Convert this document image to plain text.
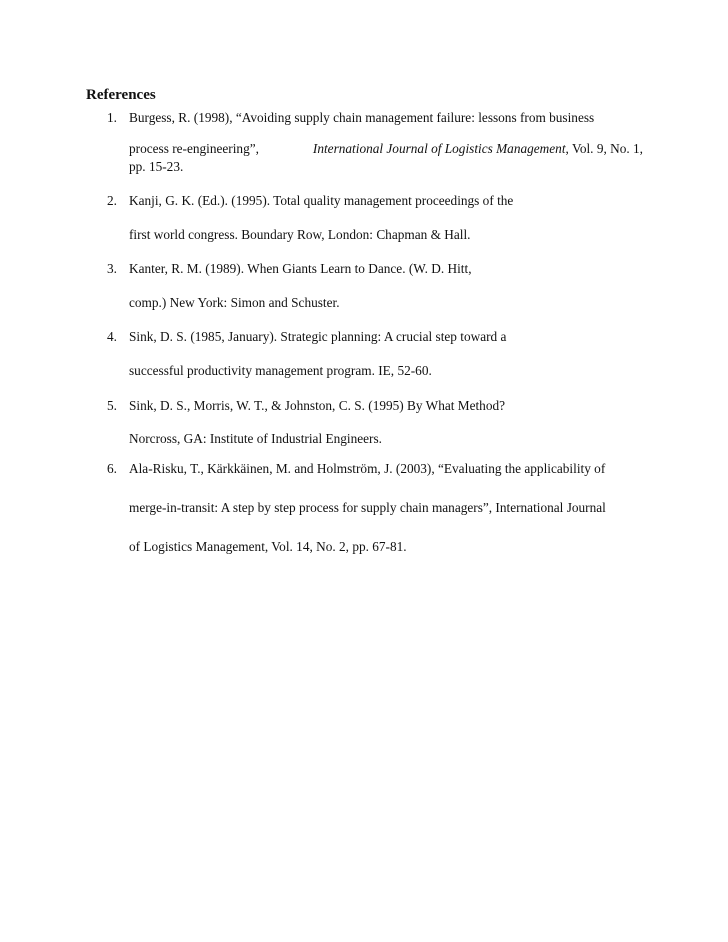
References
1. Burgess, R. (1998), “Avoiding supply chain management failure: lessons from business
process re-engineering”,	International Journal of Logistics Management, Vol. 9, No. 1,
pp. 15-23.
2. Kanji, G. K. (Ed.). (1995). Total quality management proceedings of the
first world congress. Boundary Row, London: Chapman & Hall.
3. Kanter, R. M. (1989). When Giants Learn to Dance. (W. D. Hitt,
comp.) New York: Simon and Schuster.
4. Sink, D. S. (1985, January). Strategic planning: A crucial step toward a
successful productivity management program. IE, 52-60.
5. Sink, D. S., Morris, W. T., & Johnston, C. S. (1995) By What Method?
Norcross, GA: Institute of Industrial Engineers.
6. Ala-Risku, T., Kärkkäinen, M. and Holmström, J. (2003), “Evaluating the applicability of
merge-in-transit: A step by step process for supply chain managers”, International Journal
of Logistics Management, Vol. 14, No. 2, pp. 67-81.
